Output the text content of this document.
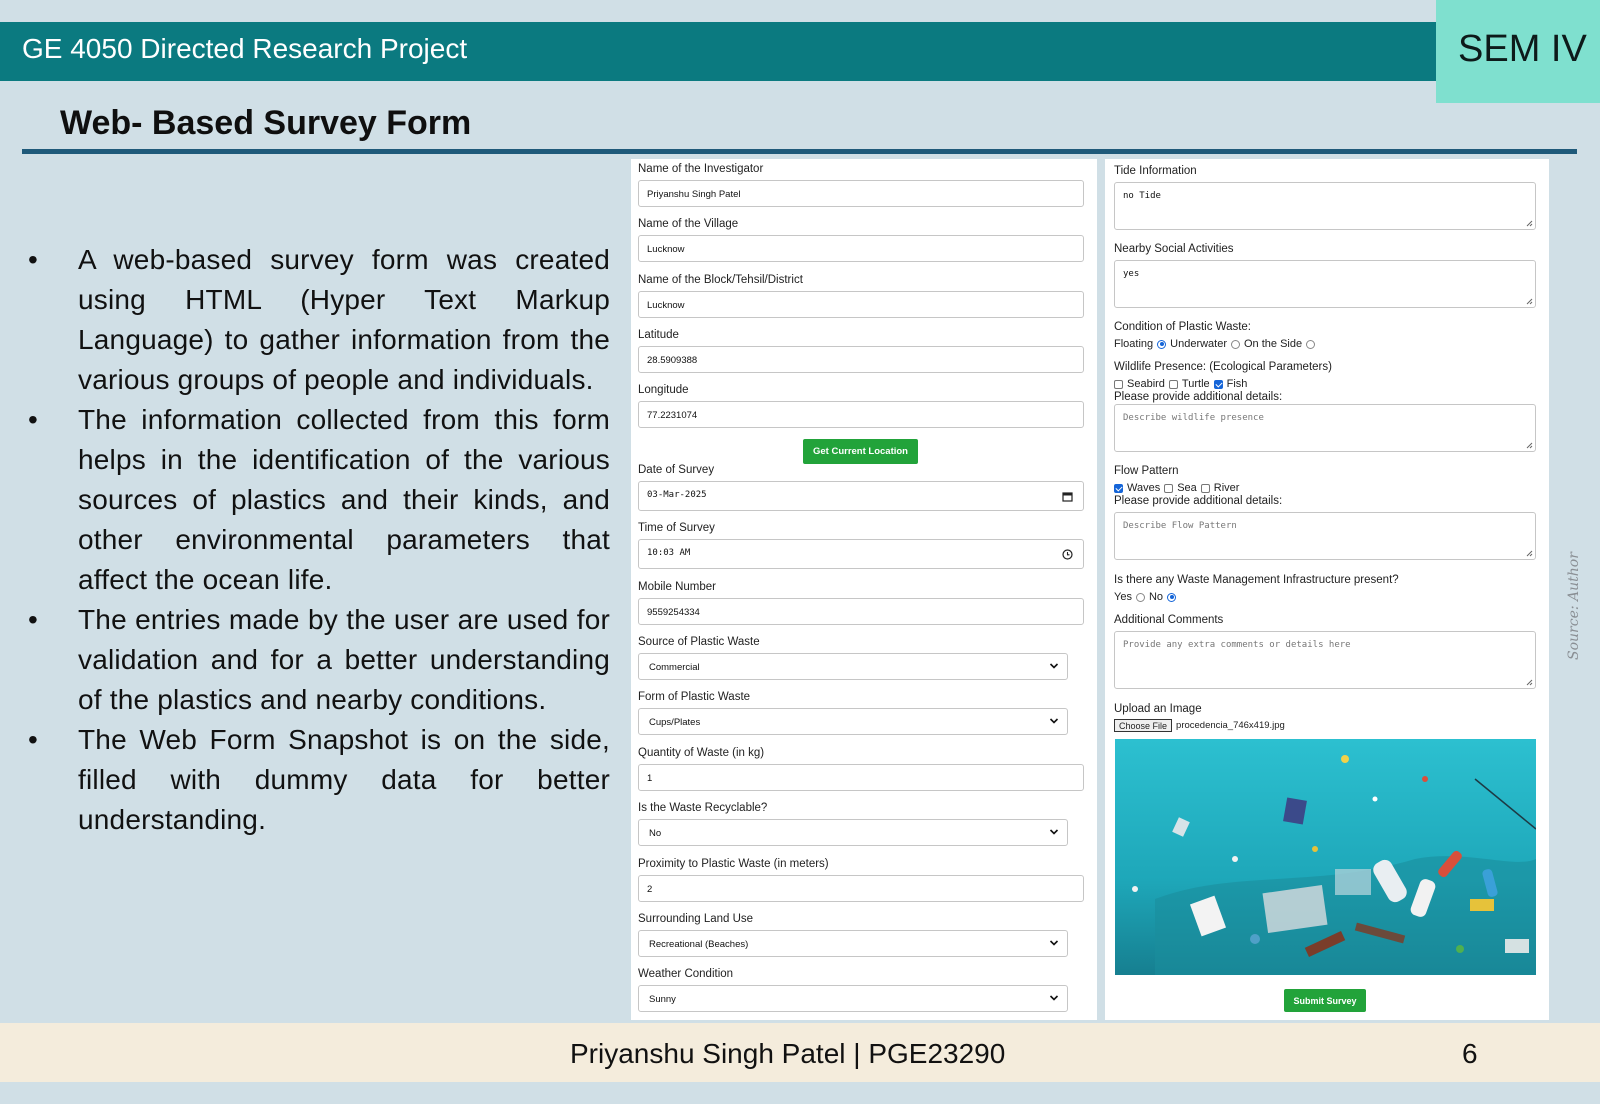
GE 4050 Directed Research Project	SEM IV
Web- Based Survey Form
• A web-based survey form was created using HTML (Hyper Text Markup Language) to gather information from the various groups of people and individuals.
• The information collected from this form helps in the identification of the various sources of plastics and their kinds, and other environmental parameters that affect the ocean life.
• The entries made by the user are used for validation and for a better understanding of the plastics and nearby conditions.
• The Web Form Snapshot is on the side, filled with dummy data for better understanding.
Name of the Investigator
Priyanshu Singh Patel
Name of the Village
Lucknow
Name of the Block/Tehsil/District
Lucknow
Latitude
28.5909388
Longitude
77.2231074
Get Current Location
Date of Survey
03-Mar-2025
Time of Survey
10:03 AM
Mobile Number
9559254334
Source of Plastic Waste
Commercial
Form of Plastic Waste
Cups/Plates
Quantity of Waste (in kg)
1
Is the Waste Recyclable?
No
Proximity to Plastic Waste (in meters)
2
Surrounding Land Use
Recreational (Beaches)
Weather Condition
Sunny
Tide Information
no Tide
Nearby Social Activities
yes
Condition of Plastic Waste:
Floating Underwater On the Side
Wildlife Presence: (Ecological Parameters)
Seabird Turtle Fish
Please provide additional details:
Describe wildlife presence
Flow Pattern
Waves Sea River
Please provide additional details:
Describe Flow Pattern
Is there any Waste Management Infrastructure present?
Yes No
Additional Comments
Provide any extra comments or details here
Upload an Image
Choose File procedencia_746x419.jpg
Submit Survey
Source: Author
Priyanshu Singh Patel | PGE23290	6
